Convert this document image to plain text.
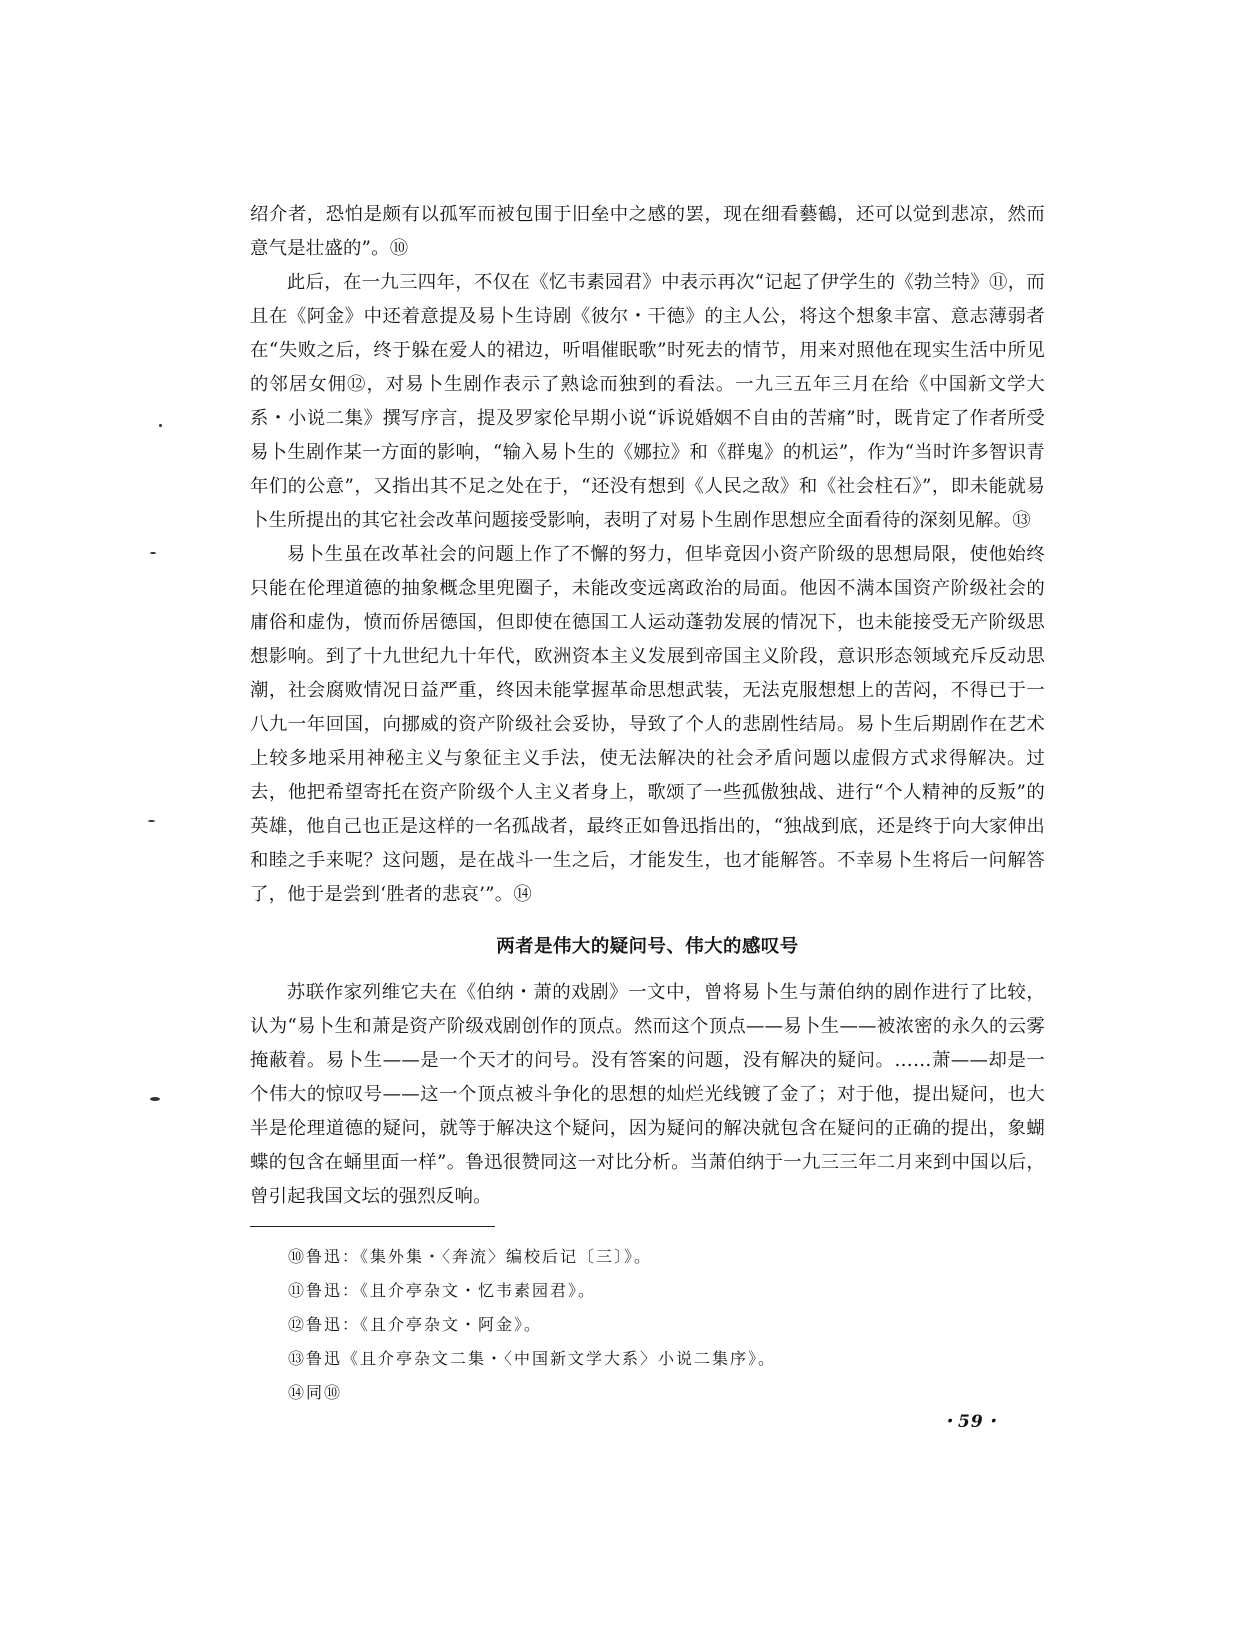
绍介者，恐怕是颇有以孤军而被包围于旧垒中之感的罢，现在细看藝鶴，还可以觉到悲凉，然而意气是壮盛的”。⑩

此后，在一九三四年，不仅在《忆韦素园君》中表示再次“记起了伊学生的《勃兰特》⑪，而且在《阿金》中还着意提及易卜生诗剧《彼尔・干德》的主人公，将这个想象丰富、意志薄弱者在“失败之后，终于躲在爱人的裙边，听唱催眠歌”时死去的情节，用来对照他在现实生活中所见的邻居女佣⑫，对易卜生剧作表示了熟谂而独到的看法。一九三五年三月在给《中国新文学大系・小说二集》撰写序言，提及罗家伦早期小说“诉说婚姻不自由的苦痛”时，既肯定了作者所受易卜生剧作某一方面的影响，“输入易卜生的《娜拉》和《群鬼》的机运”，作为“当时许多智识青年们的公意”，又指出其不足之处在于，“还没有想到《人民之敌》和《社会柱石》”，即未能就易卜生所提出的其它社会改革问题接受影响，表明了对易卜生剧作思想应全面看待的深刻见解。⑬

易卜生虽在改革社会的问题上作了不懈的努力，但毕竟因小资产阶级的思想局限，使他始终只能在伦理道德的抽象概念里兜圈子，未能改变远离政治的局面。他因不满本国资产阶级社会的庸俗和虚伪，愤而侨居德国，但即使在德国工人运动蓬勃发展的情况下，也未能接受无产阶级思想影响。到了十九世纪九十年代，欧洲资本主义发展到帝国主义阶段，意识形态领域充斥反动思潮，社会腐败情况日益严重，终因未能掌握革命思想武装，无法克服想想上的苦闷，不得已于一八九一年回国，向挪威的资产阶级社会妥协，导致了个人的悲剧性结局。易卜生后期剧作在艺术上较多地采用神秘主义与象征主义手法，使无法解决的社会矛盾问题以虚假方式求得解决。过去，他把希望寄托在资产阶级个人主义者身上，歌颂了一些孤傲独战、进行“个人精神的反叛”的英雄，他自己也正是这样的一名孤战者，最终正如鲁迅指出的，“独战到底，还是终于向大家伸出和睦之手来呢？这问题，是在战斗一生之后，才能发生，也才能解答。不幸易卜生将后一问解答了，他于是尝到‘胜者的悲哀’”。⑭

两者是伟大的疑问号、伟大的感叹号

苏联作家列维它夫在《伯纳・萧的戏剧》一文中，曾将易卜生与萧伯纳的剧作进行了比较，认为“易卜生和萧是资产阶级戏剧创作的顶点。然而这个顶点——易卜生——被浓密的永久的云雾掩蔽着。易卜生——是一个天才的问号。没有答案的问题，没有解决的疑问。……萧——却是一个伟大的惊叹号——这一个顶点被斗争化的思想的灿烂光线镀了金了；对于他，提出疑问，也大半是伦理道德的疑问，就等于解决这个疑问，因为疑问的解决就包含在疑问的正确的提出，象蝴蝶的包含在蛹里面一样”。鲁迅很赞同这一对比分析。当萧伯纳于一九三三年二月来到中国以后，曾引起我国文坛的强烈反响。

⑩鲁迅：《集外集・〈奔流〉编校后记〔三〕》。
⑪鲁迅：《且介亭杂文・忆韦素园君》。
⑫鲁迅：《且介亭杂文・阿金》。
⑬鲁迅《且介亭杂文二集・〈中国新文学大系〉小说二集序》。
⑭同⑩
・59・
